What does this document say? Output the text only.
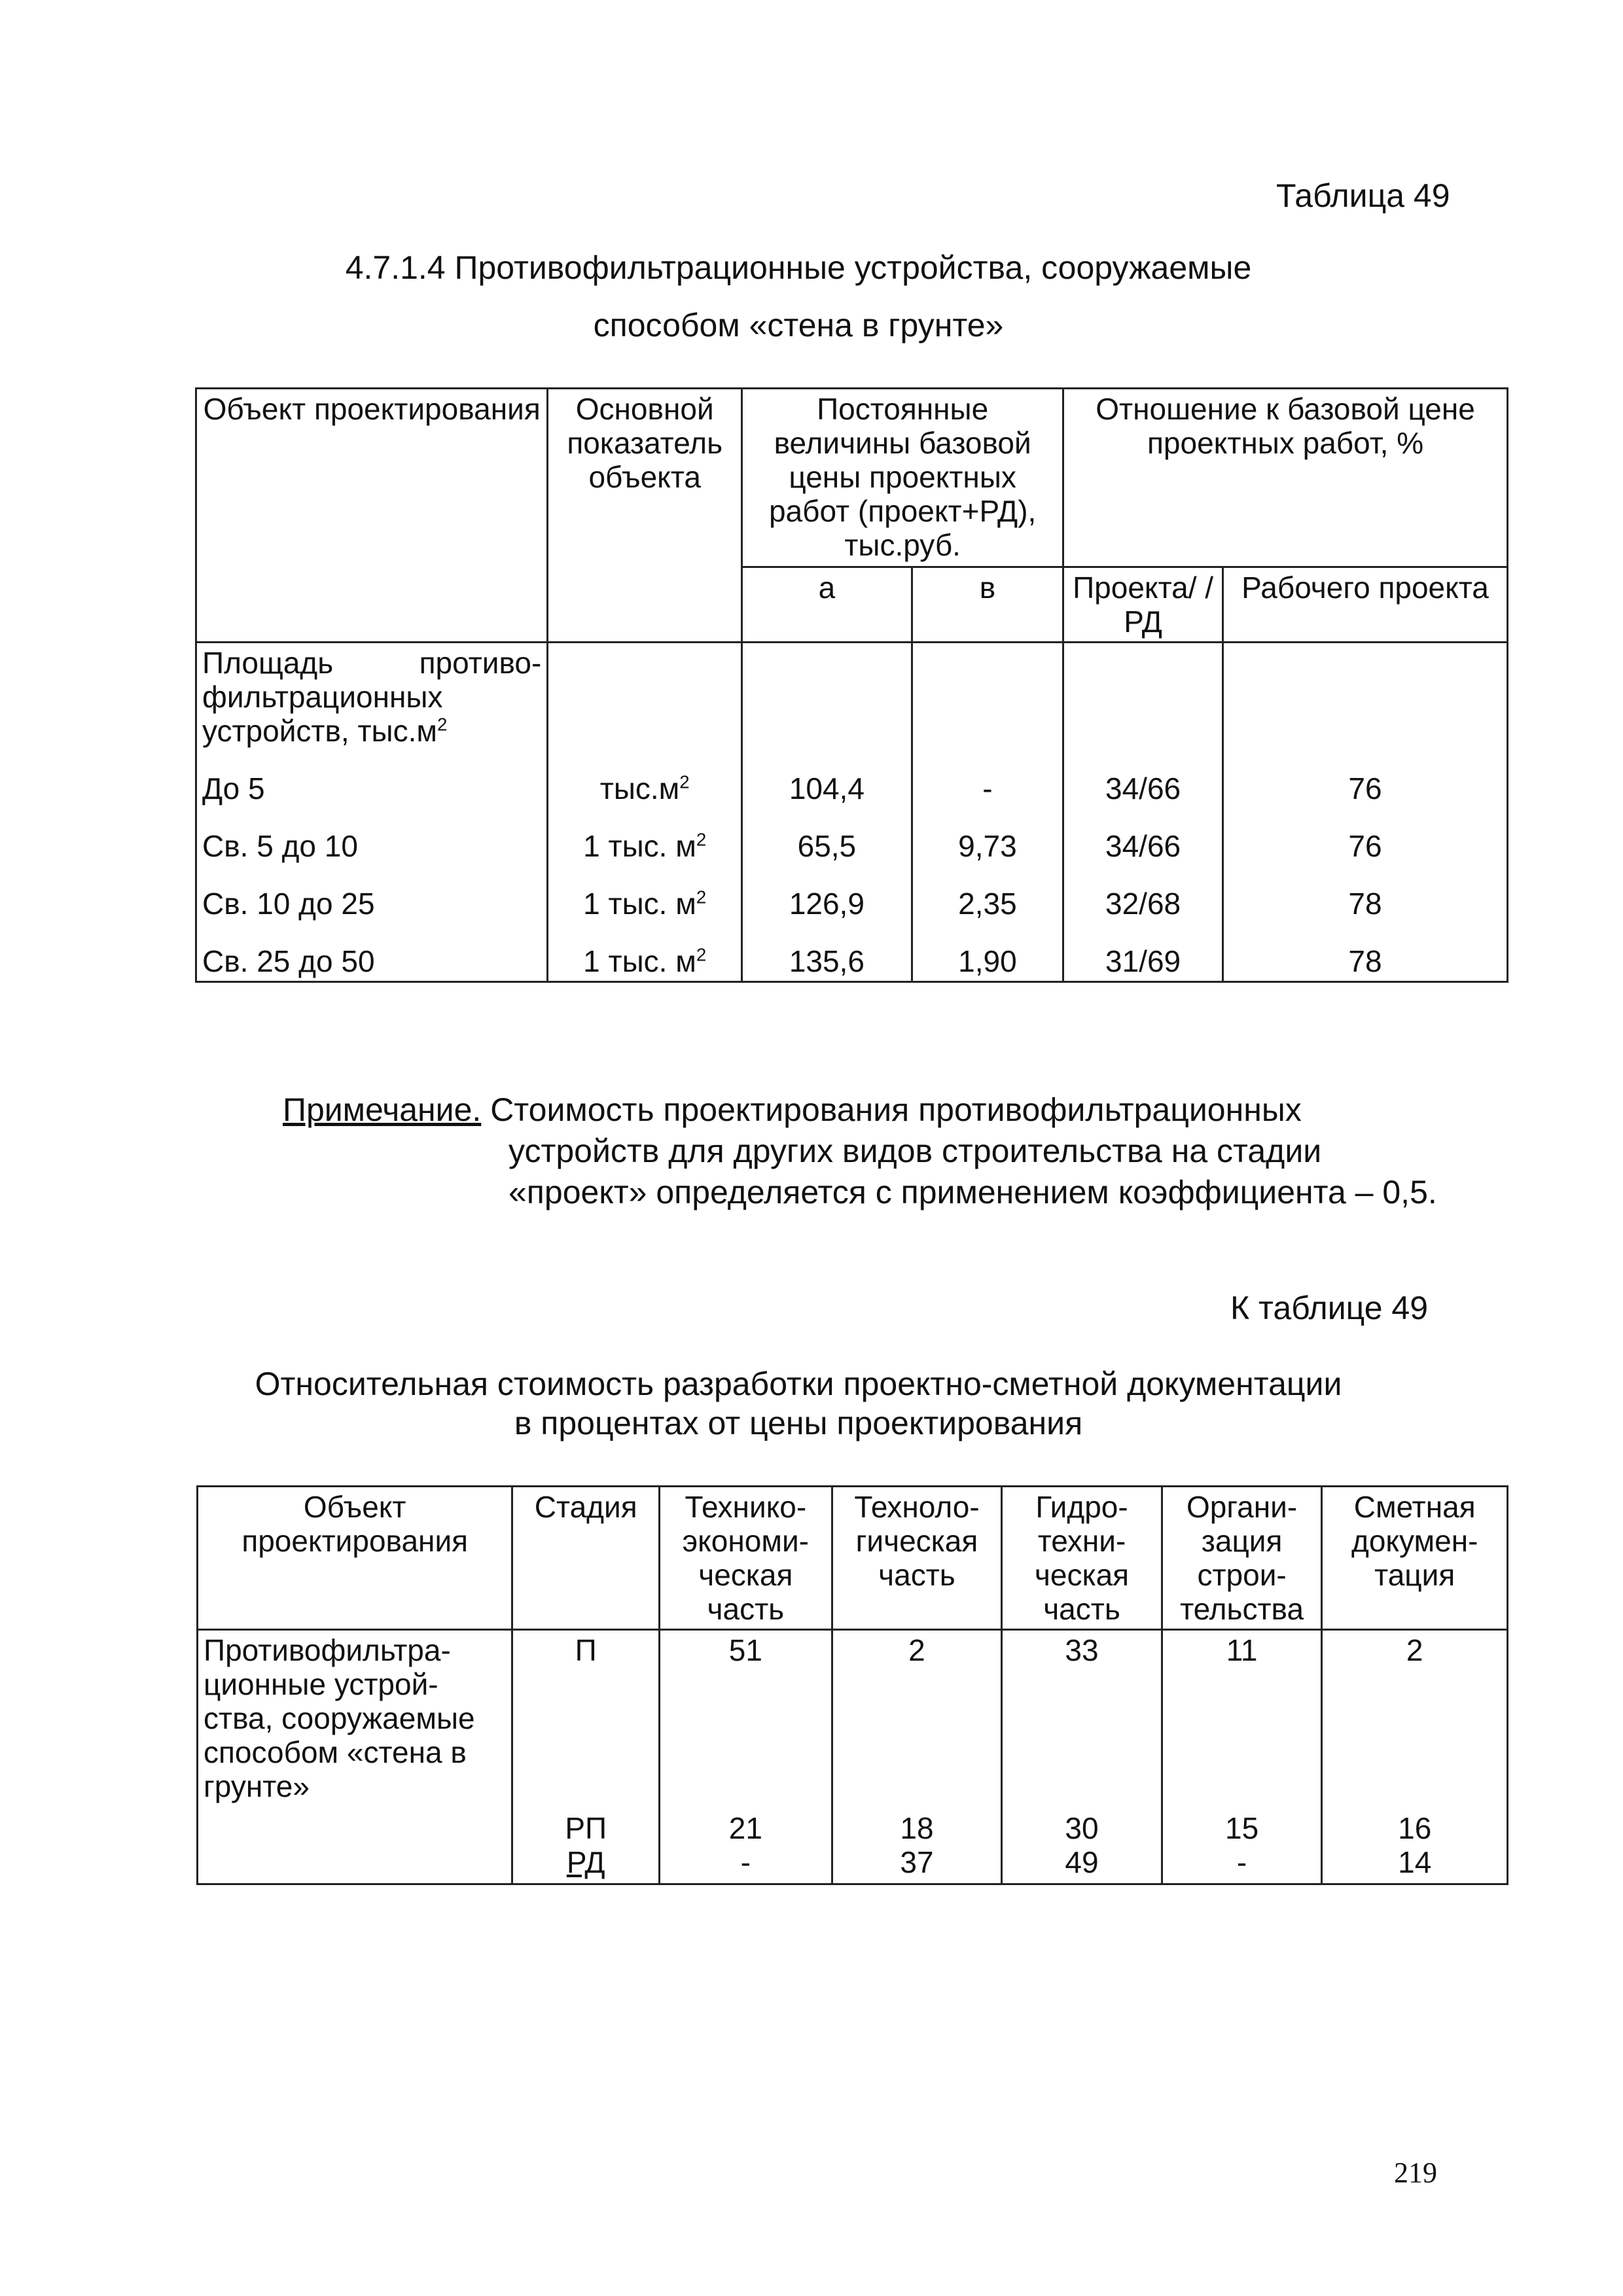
Таблица 49
4.7.1.4 Противофильтрационные устройства, сооружаемые
способом «стена в грунте»
Объект проектирования	Основной показатель объекта	Постоянные величины базовой цены проектных работ (проект+РД), тыс.руб.		Отношение к базовой цене проектных работ, %	
		а	в	Проекта/ /РД	Рабочего проекта
Площадь противо-фильтрационных устройств, $тыс.м^2$					
До 5	$тыс.м^2$	104,4	-	34/66	76
Св. 5 до 10	1 тыс. $м^2$	65,5	9,73	34/66	76
Св. 10 до 25	1 тыс. $м^2$	126,9	2,35	32/68	78
Св. 25 до 50	1 тыс. $м^2$	135,6	1,90	31/69	78
Примечание. Стоимость проектирования противофильтрационных
устройств для других видов строительства на стадии
«проект» определяется с применением коэффициента – 0,5.
К таблице 49
Относительная стоимость разработки проектно-сметной документации
в процентах от цены проектирования
Объект проектирования	Стадия	Технико-экономи-ческая часть	Техноло-гическая часть	Гидро-техни-ческая часть	Органи-зация строи-тельства	Сметная докумен-тация
Противофильтра-ционные устрой-ства, сооружаемые способом «стена в грунте»	П	51	2	33	11	2
	РП	21	18	30	15	16
	РД	-	37	49	-	14
219
